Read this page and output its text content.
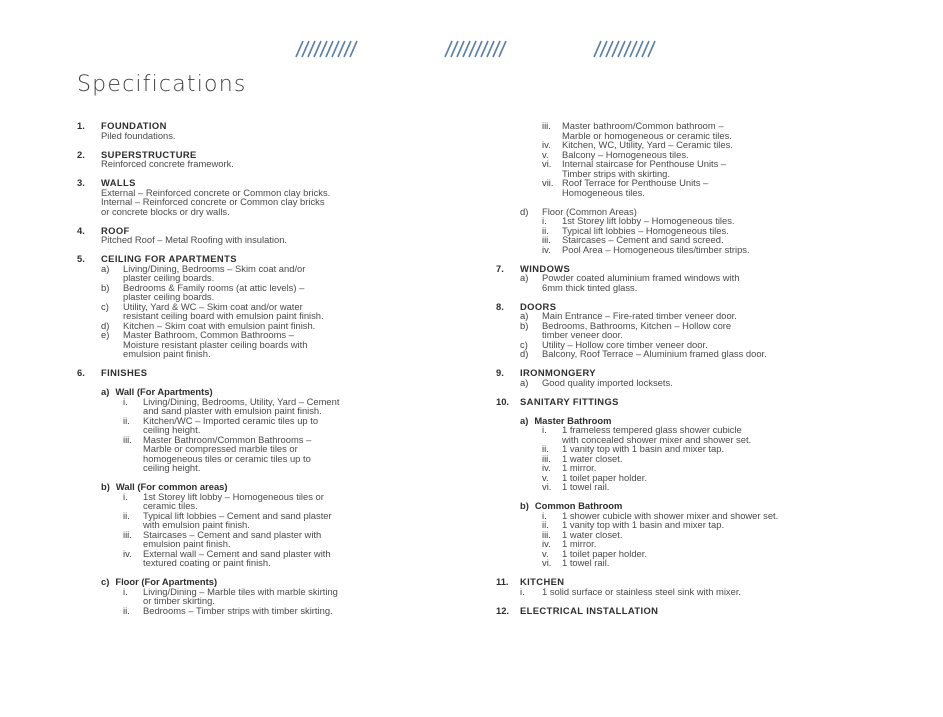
Specifications
1. FOUNDATION
Piled foundations.
2. SUPERSTRUCTURE
Reinforced concrete framework.
3. WALLS
External – Reinforced concrete or Common clay bricks.
Internal – Reinforced concrete or Common clay bricks
or concrete blocks or dry walls.
4. ROOF
Pitched Roof – Metal Roofing with insulation.
5. CEILING FOR APARTMENTS
a) Living/Dining, Bedrooms – Skim coat and/or
plaster ceiling boards.
b) Bedrooms & Family rooms (at attic levels) –
plaster ceiling boards.
c) Utility, Yard & WC – Skim coat and/or water
resistant ceiling board with emulsion paint finish.
d) Kitchen – Skim coat with emulsion paint finish.
e) Master Bathroom, Common Bathrooms –
Moisture resistant plaster ceiling boards with
emulsion paint finish.
6. FINISHES
a) Wall (For Apartments)
i. Living/Dining, Bedrooms, Utility, Yard – Cement
and sand plaster with emulsion paint finish.
ii. Kitchen/WC – Imported ceramic tiles up to
ceiling height.
iii. Master Bathroom/Common Bathrooms –
Marble or compressed marble tiles or
homogeneous tiles or ceramic tiles up to
ceiling height.
b) Wall (For common areas)
i. 1st Storey lift lobby – Homogeneous tiles or
ceramic tiles.
ii. Typical lift lobbies – Cement and sand plaster
with emulsion paint finish.
iii. Staircases – Cement and sand plaster with
emulsion paint finish.
iv. External wall – Cement and sand plaster with
textured coating or paint finish.
c) Floor (For Apartments)
i. Living/Dining – Marble tiles with marble skirting
or timber skirting.
ii. Bedrooms – Timber strips with timber skirting.
iii. Master bathroom/Common bathroom –
Marble or homogeneous or ceramic tiles.
iv. Kitchen, WC, Utility, Yard – Ceramic tiles.
v. Balcony – Homogeneous tiles.
vi. Internal staircase for Penthouse Units –
Timber strips with skirting.
vii. Roof Terrace for Penthouse Units –
Homogeneous tiles.
d) Floor (Common Areas)
i. 1st Storey lift lobby – Homogeneous tiles.
ii. Typical lift lobbies – Homogeneous tiles.
iii. Staircases – Cement and sand screed.
iv. Pool Area – Homogeneous tiles/timber strips.
7. WINDOWS
a) Powder coated aluminium framed windows with
6mm thick tinted glass.
8. DOORS
a) Main Entrance – Fire-rated timber veneer door.
b) Bedrooms, Bathrooms, Kitchen – Hollow core
timber veneer door.
c) Utility – Hollow core timber veneer door.
d) Balcony, Roof Terrace – Aluminium framed glass door.
9. IRONMONGERY
a) Good quality imported locksets.
10. SANITARY FITTINGS
a) Master Bathroom
i. 1 frameless tempered glass shower cubicle
with concealed shower mixer and shower set.
ii. 1 vanity top with 1 basin and mixer tap.
iii. 1 water closet.
iv. 1 mirror.
v. 1 toilet paper holder.
vi. 1 towel rail.
b) Common Bathroom
i. 1 shower cubicle with shower mixer and shower set.
ii. 1 vanity top with 1 basin and mixer tap.
iii. 1 water closet.
iv. 1 mirror.
v. 1 toilet paper holder.
vi. 1 towel rail.
11. KITCHEN
i. 1 solid surface or stainless steel sink with mixer.
12. ELECTRICAL INSTALLATION
